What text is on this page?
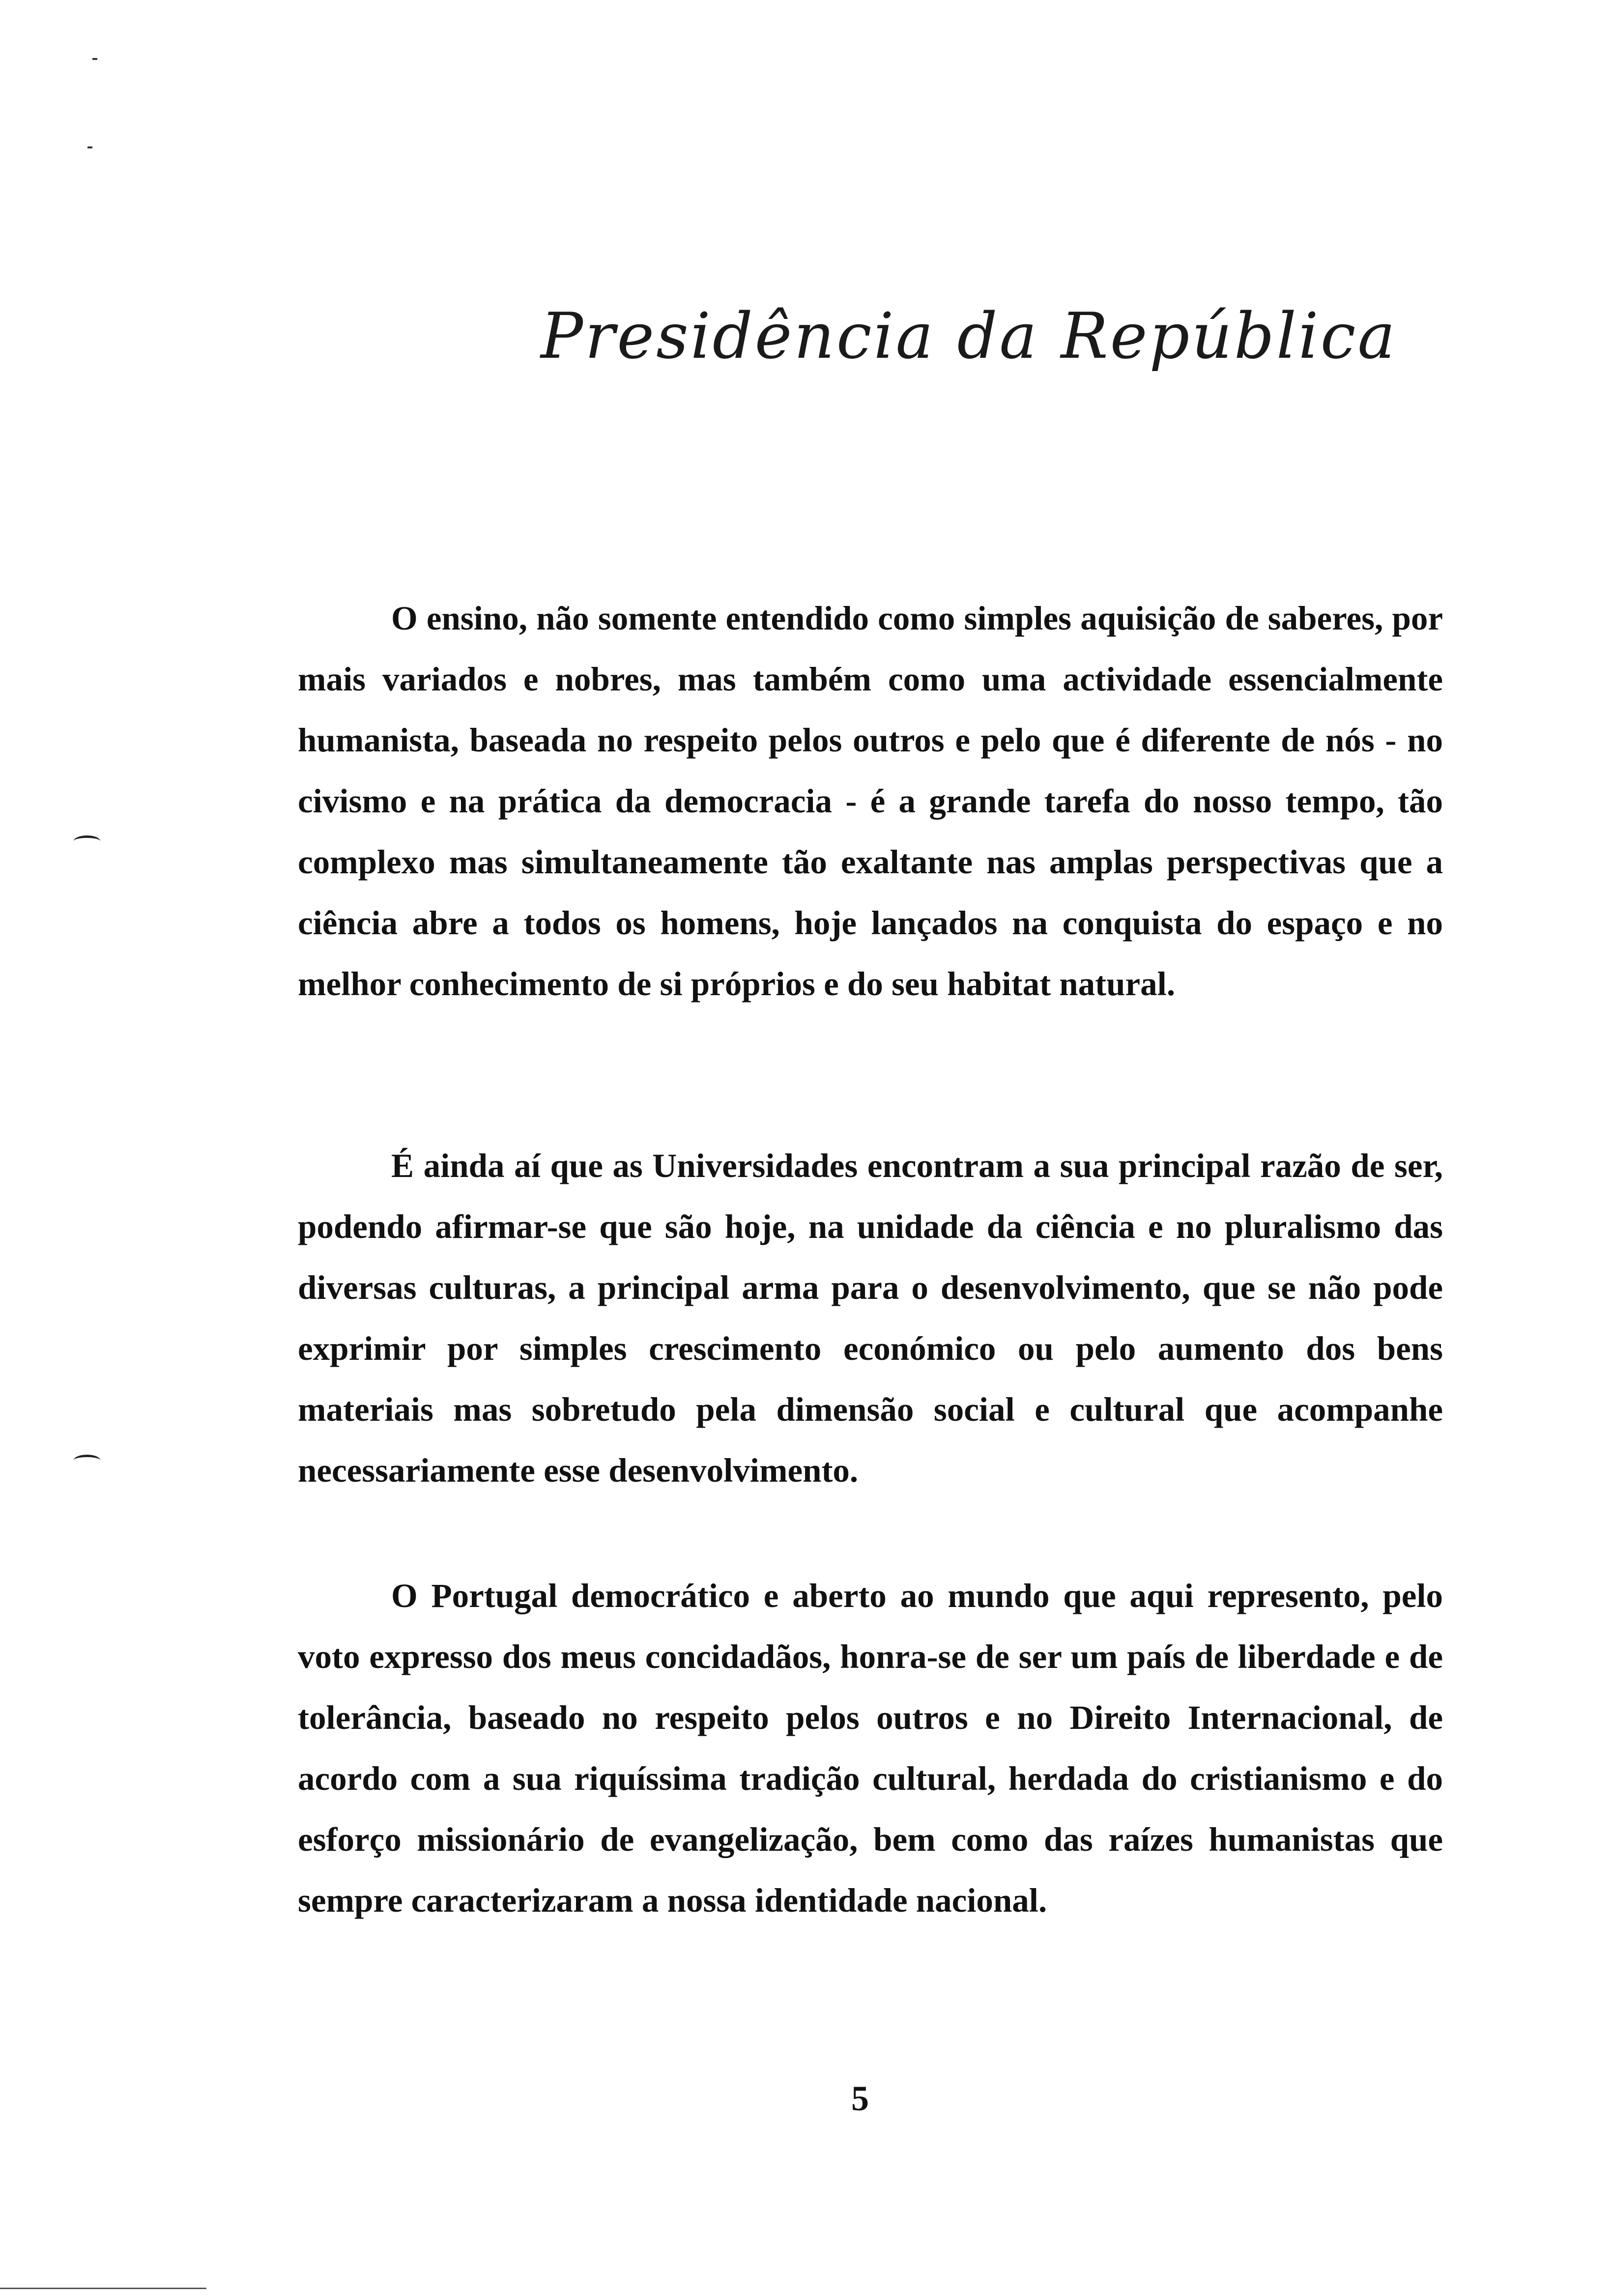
Presidência da República

O ensino, não somente entendido como simples aquisição de saberes, por mais variados e nobres, mas também como uma actividade essencialmente humanista, baseada no respeito pelos outros e pelo que é diferente de nós - no civismo e na prática da democracia - é a grande tarefa do nosso tempo, tão complexo mas simultaneamente tão exaltante nas amplas perspectivas que a ciência abre a todos os homens, hoje lançados na conquista do espaço e no melhor conhecimento de si próprios e do seu habitat natural.

É ainda aí que as Universidades encontram a sua principal razão de ser, podendo afirmar-se que são hoje, na unidade da ciência e no pluralismo das diversas culturas, a principal arma para o desenvolvimento, que se não pode exprimir por simples crescimento económico ou pelo aumento dos bens materiais mas sobretudo pela dimensão social e cultural que acompanhe necessariamente esse desenvolvimento.

O Portugal democrático e aberto ao mundo que aqui represento, pelo voto expresso dos meus concidadãos, honra-se de ser um país de liberdade e de tolerância, baseado no respeito pelos outros e no Direito Internacional, de acordo com a sua riquíssima tradição cultural, herdada do cristianismo e do esforço missionário de evangelização, bem como das raízes humanistas que sempre caracterizaram a nossa identidade nacional.

5
